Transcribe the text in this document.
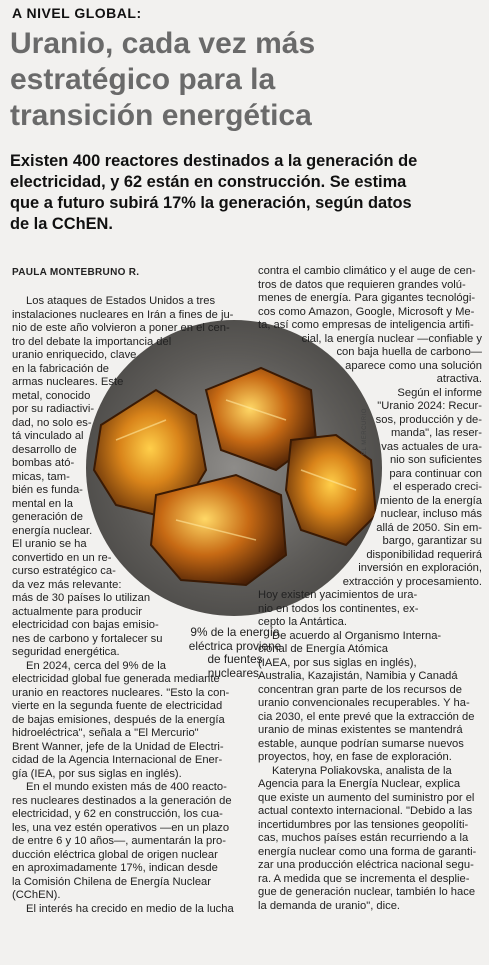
A NIVEL GLOBAL:
Uranio, cada vez más
estratégico para la
transición energética
Existen 400 reactores destinados a la generación de
electricidad, y 62 están en construcción. Se estima
que a futuro subirá 17% la generación, según datos
de la CChEN.
PAULA MONTEBRUNO R.
EL MERCURIO
9% de la energía
eléctrica proviene
de fuentes
nucleares.
Los ataques de Estados Unidos a tres
instalaciones nucleares en Irán a fines de ju-
nio de este año volvieron a poner en el cen-
tro del debate la importancia del
uranio enriquecido, clave
en la fabricación de
armas nucleares. Este
metal, conocido
por su radiactivi-
dad, no solo es-
tá vinculado al
desarrollo de
bombas ató-
micas, tam-
bién es funda-
mental en la
generación de
energía nuclear.
El uranio se ha
convertido en un re-
curso estratégico ca-
da vez más relevante:
más de 30 países lo utilizan
actualmente para producir
electricidad con bajas emisio-
nes de carbono y fortalecer su
seguridad energética.
En 2024, cerca del 9% de la
electricidad global fue generada mediante
uranio en reactores nucleares. "Esto la con-
vierte en la segunda fuente de electricidad
de bajas emisiones, después de la energía
hidroeléctrica", señala a "El Mercurio"
Brent Wanner, jefe de la Unidad de Electri-
cidad de la Agencia Internacional de Ener-
gía (IEA, por sus siglas en inglés).
En el mundo existen más de 400 reacto-
res nucleares destinados a la generación de
electricidad, y 62 en construcción, los cua-
les, una vez estén operativos —en un plazo
de entre 6 y 10 años—, aumentarán la pro-
ducción eléctrica global de origen nuclear
en aproximadamente 17%, indican desde
la Comisión Chilena de Energía Nuclear
(CChEN).
El interés ha crecido en medio de la lucha
contra el cambio climático y el auge de cen-
tros de datos que requieren grandes volú-
menes de energía. Para gigantes tecnológi-
cos como Amazon, Google, Microsoft y Me-
ta, así como empresas de inteligencia artifi-
cial, la energía nuclear —confiable y
con baja huella de carbono—
aparece como una solución
atractiva.
Según el informe
"Uranio 2024: Recur-
sos, producción y de-
manda", las reser-
vas actuales de ura-
nio son suficientes
para continuar con
el esperado creci-
miento de la energía
nuclear, incluso más
allá de 2050. Sin em-
bargo, garantizar su
disponibilidad requerirá
inversión en exploración,
extracción y procesamiento.
Hoy existen yacimientos de ura-
nio en todos los continentes, ex-
cepto la Antártica.
De acuerdo al Organismo Interna-
cional de Energía Atómica
(IAEA, por sus siglas en inglés),
Australia, Kazajistán, Namibia y Canadá
concentran gran parte de los recursos de
uranio convencionales recuperables. Y ha-
cia 2030, el ente prevé que la extracción de
uranio de minas existentes se mantendrá
estable, aunque podrían sumarse nuevos
proyectos, hoy, en fase de exploración.
Kateryna Poliakovska, analista de la
Agencia para la Energía Nuclear, explica
que existe un aumento del suministro por el
actual contexto internacional. "Debido a las
incertidumbres por las tensiones geopolíti-
cas, muchos países están recurriendo a la
energía nuclear como una forma de garanti-
zar una producción eléctrica nacional segu-
ra. A medida que se incrementa el desplie-
gue de generación nuclear, también lo hace
la demanda de uranio", dice.
